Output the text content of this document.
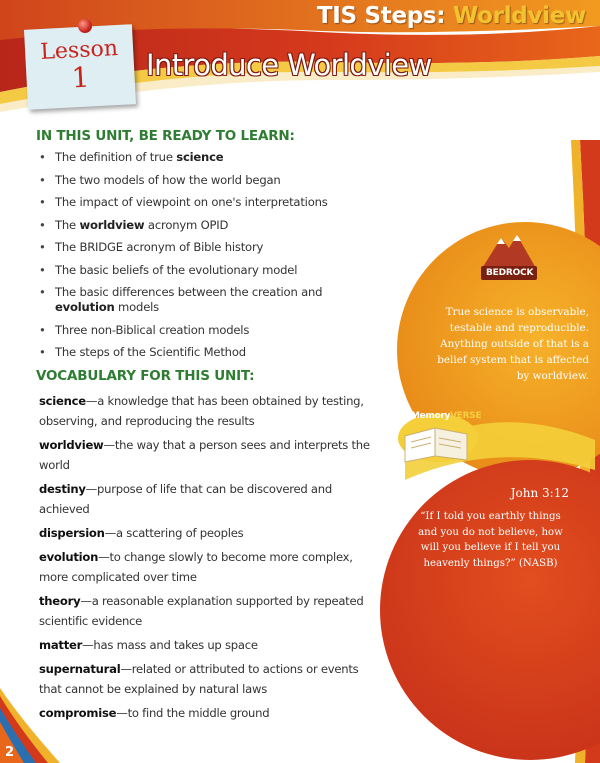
TIS Steps: Worldview
Introduce Worldview
Lesson
1
IN THIS UNIT, BE READY TO LEARN:
• The definition of true science
• The two models of how the world began
• The impact of viewpoint on one's interpretations
• The worldview acronym OPID
• The BRIDGE acronym of Bible history
• The basic beliefs of the evolutionary model
• The basic differences between the creation and evolution models
• Three non-Biblical creation models
• The steps of the Scientific Method
VOCABULARY FOR THIS UNIT:
science—a knowledge that has been obtained by testing, observing, and reproducing the results
worldview—the way that a person sees and interprets the world
destiny—purpose of life that can be discovered and achieved
dispersion—a scattering of peoples
evolution—to change slowly to become more complex, more complicated over time
theory—a reasonable explanation supported by repeated scientific evidence
matter—has mass and takes up space
supernatural—related or attributed to actions or events that cannot be explained by natural laws
compromise—to find the middle ground
BEDROCK
True science is observable, testable and reproducible. Anything outside of that is a belief system that is affected by worldview.
MemoryVERSE
John 3:12
“If I told you earthly things and you do not believe, how will you believe if I tell you heavenly things?” (NASB)
2
